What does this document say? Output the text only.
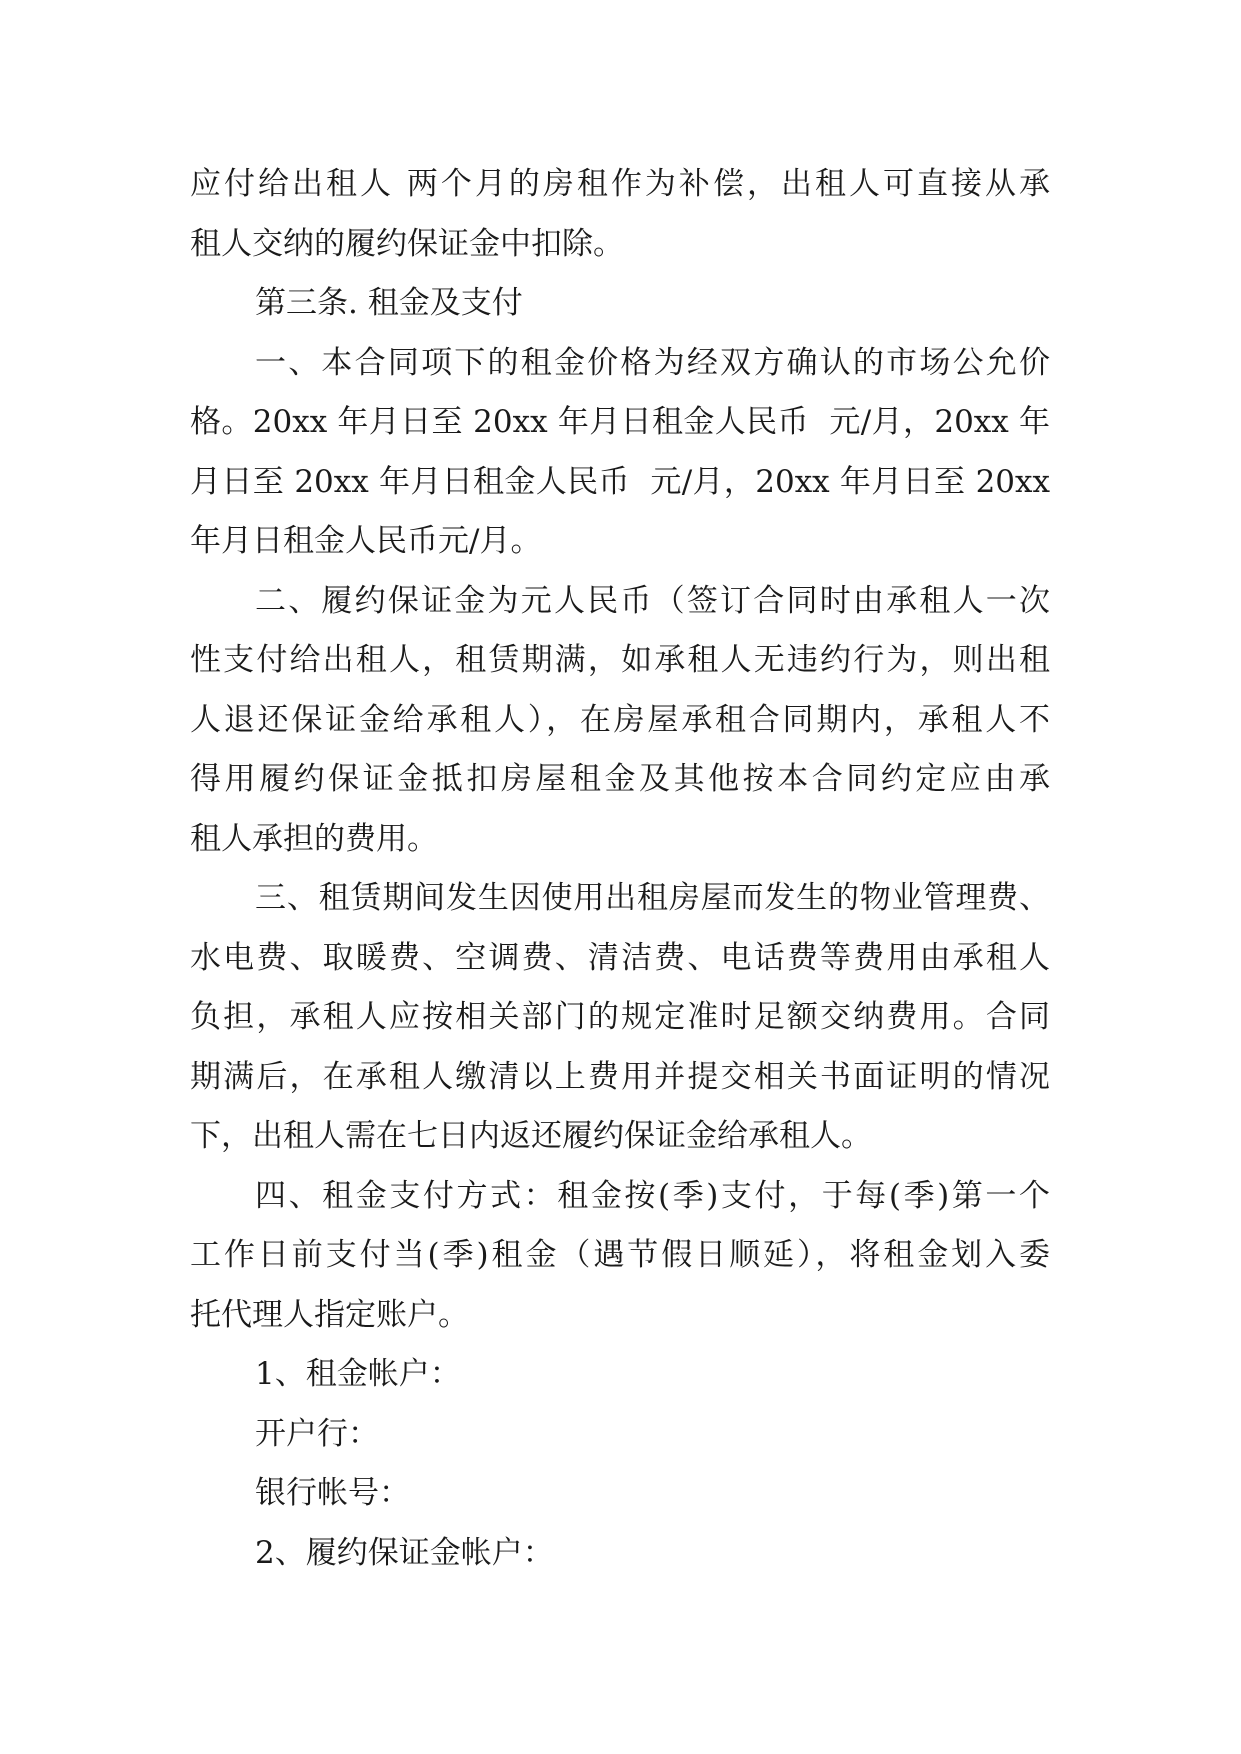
应付给出租人 两个月的房租作为补偿，出租人可直接从承
租人交纳的履约保证金中扣除。
第三条. 租金及支付
一、本合同项下的租金价格为经双方确认的市场公允价
格。20xx 年月日至 20xx 年月日租金人民币  元/月，20xx 年
月日至 20xx 年月日租金人民币  元/月，20xx 年月日至 20xx
年月日租金人民币元/月。
二、履约保证金为元人民币（签订合同时由承租人一次
性支付给出租人，租赁期满，如承租人无违约行为，则出租
人退还保证金给承租人），在房屋承租合同期内，承租人不
得用履约保证金抵扣房屋租金及其他按本合同约定应由承
租人承担的费用。
三、租赁期间发生因使用出租房屋而发生的物业管理费、
水电费、取暖费、空调费、清洁费、电话费等费用由承租人
负担，承租人应按相关部门的规定准时足额交纳费用。合同
期满后，在承租人缴清以上费用并提交相关书面证明的情况
下，出租人需在七日内返还履约保证金给承租人。
四、租金支付方式：租金按(季)支付，于每(季)第一个
工作日前支付当(季)租金（遇节假日顺延），将租金划入委
托代理人指定账户。
1、租金帐户：
开户行：
银行帐号：
2、履约保证金帐户：
